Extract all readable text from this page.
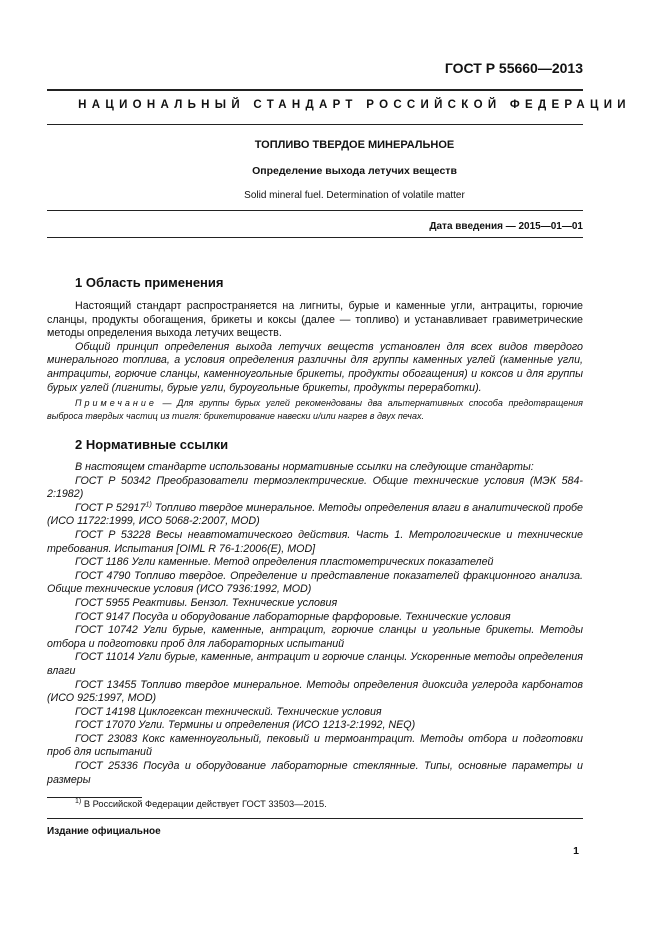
ГОСТ Р 55660—2013
НАЦИОНАЛЬНЫЙ СТАНДАРТ РОССИЙСКОЙ ФЕДЕРАЦИИ
ТОПЛИВО ТВЕРДОЕ МИНЕРАЛЬНОЕ
Определение выхода летучих веществ
Solid mineral fuel. Determination of volatile matter
Дата введения — 2015—01—01
1 Область применения

Настоящий стандарт распространяется на лигниты, бурые и каменные угли, антрациты, горючие сланцы, продукты обогащения, брикеты и коксы (далее — топливо) и устанавливает гравиметрические методы определения выхода летучих веществ.

Общий принцип определения выхода летучих веществ установлен для всех видов твердого минерального топлива, а условия определения различны для группы каменных углей (каменные угли, антрациты, горючие сланцы, каменноугольные брикеты, продукты обогащения) и коксов и для группы бурых углей (лигниты, бурые угли, буроугольные брикеты, продукты переработки).

Примечание — Для группы бурых углей рекомендованы два альтернативных способа предотвращения выброса твердых частиц из тигля: брикетирование навески и/или нагрев в двух печах.

2 Нормативные ссылки

В настоящем стандарте использованы нормативные ссылки на следующие стандарты:

ГОСТ Р 50342 Преобразователи термоэлектрические. Общие технические условия (МЭК 584-2:1982)

ГОСТ Р 52917$^{1)}$ Топливо твердое минеральное. Методы определения влаги в аналитической пробе (ИСО 11722:1999, ИСО 5068-2:2007, MOD)

ГОСТ Р 53228 Весы неавтоматического действия. Часть 1. Метрологические и технические требования. Испытания [OIML R 76-1:2006(E), MOD]

ГОСТ 1186 Угли каменные. Метод определения пластометрических показателей

ГОСТ 4790 Топливо твердое. Определение и представление показателей фракционного анализа. Общие технические условия (ИСО 7936:1992, MOD)

ГОСТ 5955 Реактивы. Бензол. Технические условия

ГОСТ 9147 Посуда и оборудование лабораторные фарфоровые. Технические условия

ГОСТ 10742 Угли бурые, каменные, антрацит, горючие сланцы и угольные брикеты. Методы отбора и подготовки проб для лабораторных испытаний

ГОСТ 11014 Угли бурые, каменные, антрацит и горючие сланцы. Ускоренные методы определения влаги

ГОСТ 13455 Топливо твердое минеральное. Методы определения диоксида углерода карбонатов (ИСО 925:1997, MOD)

ГОСТ 14198 Циклогексан технический. Технические условия

ГОСТ 17070 Угли. Термины и определения (ИСО 1213-2:1992, NEQ)

ГОСТ 23083 Кокс каменноугольный, пековый и термоантрацит. Методы отбора и подготовки проб для испытаний

ГОСТ 25336 Посуда и оборудование лабораторные стеклянные. Типы, основные параметры и размеры

$^{1)}$ В Российской Федерации действует ГОСТ 33503—2015.
Издание официальное
1
